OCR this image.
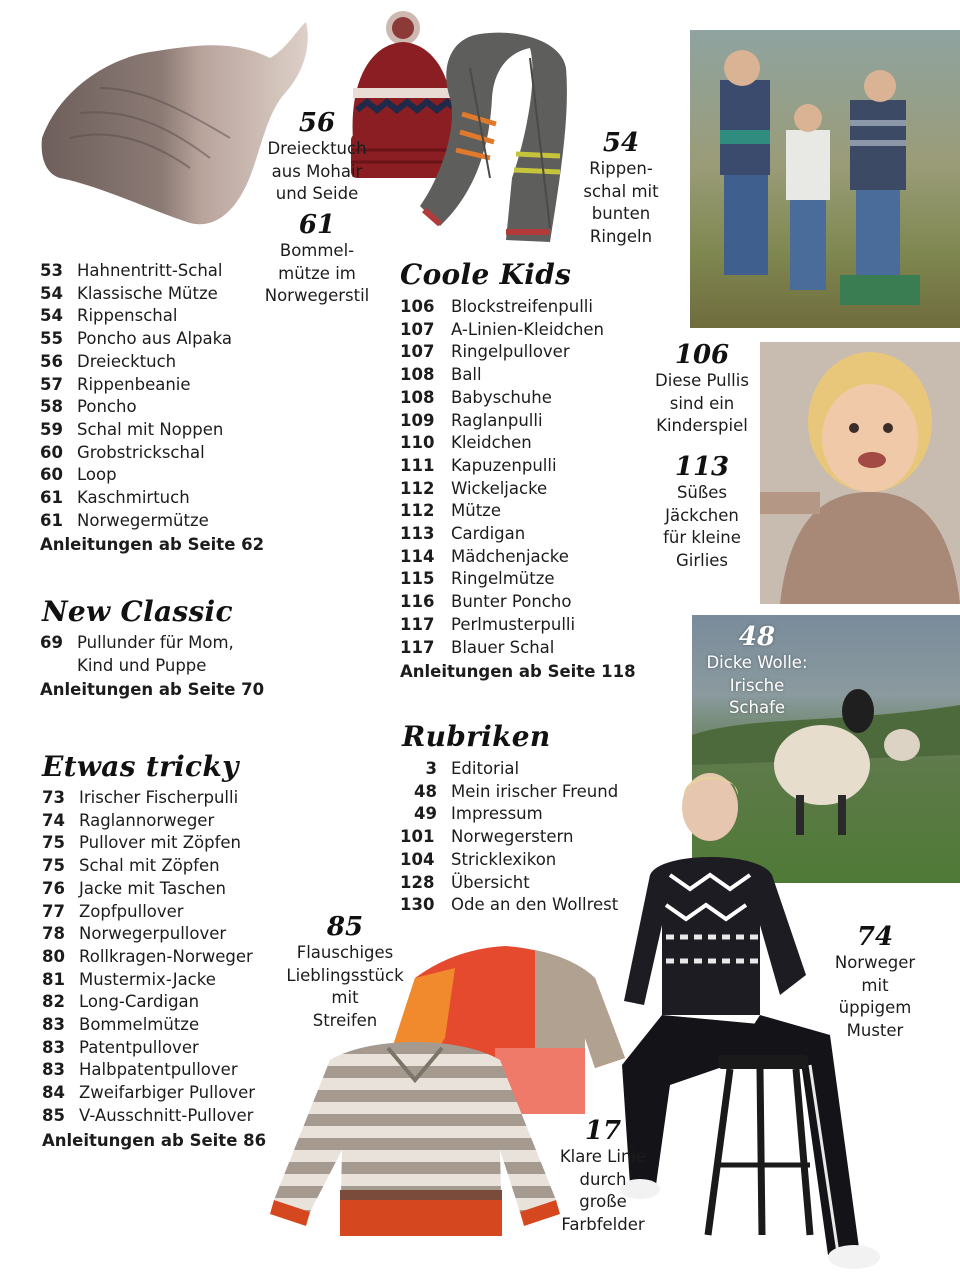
53 Hahnentritt-Schal
54 Klassische Mütze
54 Rippenschal
55 Poncho aus Alpaka
56 Dreiecktuch
57 Rippenbeanie
58 Poncho
59 Schal mit Noppen
60 Grobstrickschal
60 Loop
61 Kaschmirtuch
61 Norwegermütze
Anleitungen ab Seite 62
New Classic
69 Pullunder für Mom,
Kind und Puppe
Anleitungen ab Seite 70
Etwas tricky
73 Irischer Fischerpulli
74 Raglannorweger
75 Pullover mit Zöpfen
75 Schal mit Zöpfen
76 Jacke mit Taschen
77 Zopfpullover
78 Norwegerpullover
80 Rollkragen-Norweger
81 Mustermix-Jacke
82 Long-Cardigan
83 Bommelmütze
83 Patentpullover
83 Halbpatentpullover
84 Zweifarbiger Pullover
85 V-Ausschnitt-Pullover
Anleitungen ab Seite 86
Coole Kids
106	Blockstreifenpulli
107	A-Linien-Kleidchen
107	Ringelpullover
108	Ball
108	Babyschuhe
109	Raglanpulli
110	Kleidchen
111	Kapuzenpulli
112	Wickeljacke
112	Mütze
113	Cardigan
114	Mädchenjacke
115	Ringelmütze
116	Bunter Poncho
117	Perlmusterpulli
117	Blauer Schal
Anleitungen ab Seite 118
Rubriken
3 Editorial
48 Mein irischer Freund
49 Impressum
101	Norwegerstern
104	Stricklexikon
128	Übersicht
130	Ode an den Wollrest
56
Dreiecktuch
aus Mohair
und Seide
61
Bommel-
mütze im
Norwegerstil
54
Rippen-
schal mit
bunten
Ringeln
106
Diese Pullis
sind ein
Kinderspiel
113
Süßes
Jäckchen
für kleine
Girlies
48
Dicke Wolle:
Irische
Schafe
85
Flauschiges
Lieblingsstück
mit
Streifen
74
Norweger
mit
üppigem
Muster
17
Klare Linie
durch
große
Farbfelder
